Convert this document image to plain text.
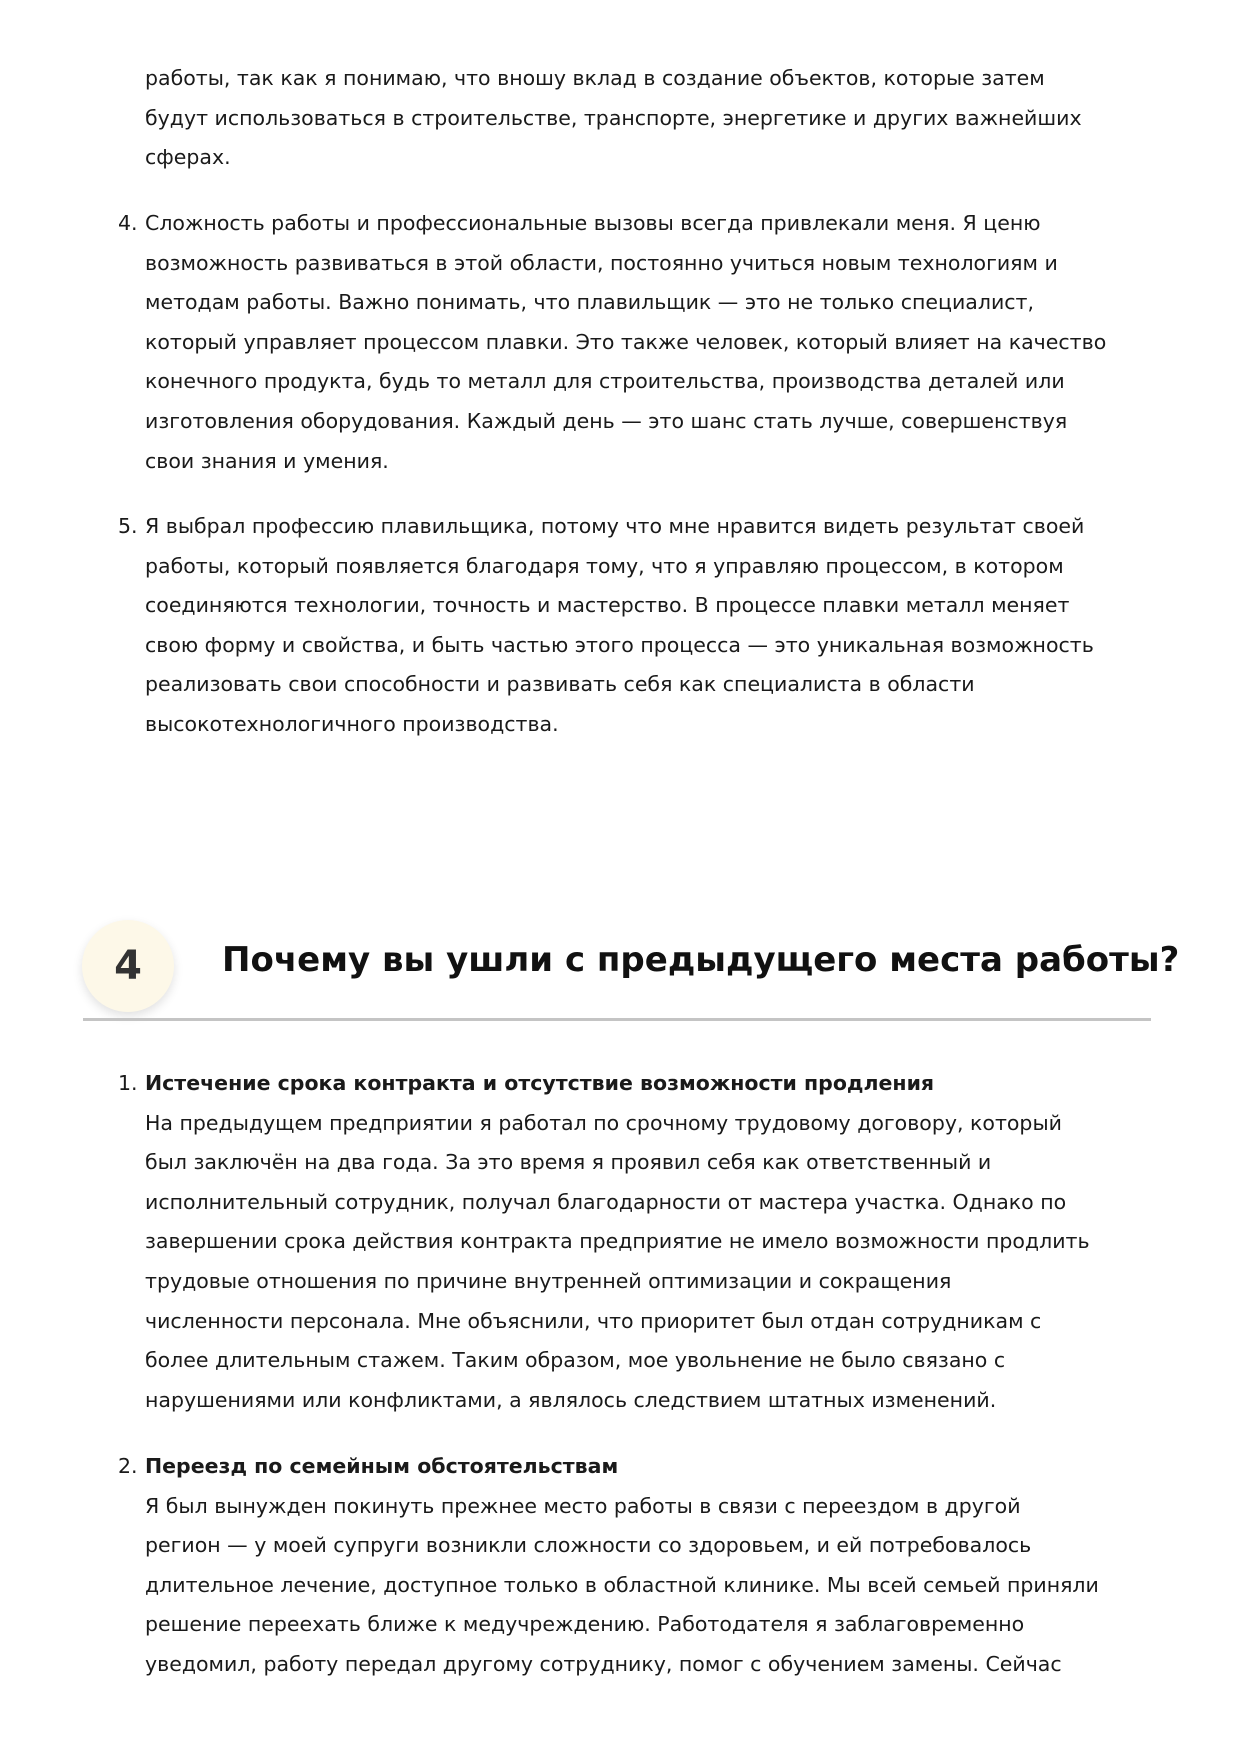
работы, так как я понимаю, что вношу вклад в создание объектов, которые затем
будут использоваться в строительстве, транспорте, энергетике и других важнейших
сферах.
4. Сложность работы и профессиональные вызовы всегда привлекали меня. Я ценю
возможность развиваться в этой области, постоянно учиться новым технологиям и
методам работы. Важно понимать, что плавильщик — это не только специалист,
который управляет процессом плавки. Это также человек, который влияет на качество
конечного продукта, будь то металл для строительства, производства деталей или
изготовления оборудования. Каждый день — это шанс стать лучше, совершенствуя
свои знания и умения.
5. Я выбрал профессию плавильщика, потому что мне нравится видеть результат своей
работы, который появляется благодаря тому, что я управляю процессом, в котором
соединяются технологии, точность и мастерство. В процессе плавки металл меняет
свою форму и свойства, и быть частью этого процесса — это уникальная возможность
реализовать свои способности и развивать себя как специалиста в области
высокотехнологичного производства.
4	Почему вы ушли с предыдущего места работы?
1. Истечение срока контракта и отсутствие возможности продления
На предыдущем предприятии я работал по срочному трудовому договору, который
был заключён на два года. За это время я проявил себя как ответственный и
исполнительный сотрудник, получал благодарности от мастера участка. Однако по
завершении срока действия контракта предприятие не имело возможности продлить
трудовые отношения по причине внутренней оптимизации и сокращения
численности персонала. Мне объяснили, что приоритет был отдан сотрудникам с
более длительным стажем. Таким образом, мое увольнение не было связано с
нарушениями или конфликтами, а являлось следствием штатных изменений.
2. Переезд по семейным обстоятельствам
Я был вынужден покинуть прежнее место работы в связи с переездом в другой
регион — у моей супруги возникли сложности со здоровьем, и ей потребовалось
длительное лечение, доступное только в областной клинике. Мы всей семьей приняли
решение переехать ближе к медучреждению. Работодателя я заблаговременно
уведомил, работу передал другому сотруднику, помог с обучением замены. Сейчас
